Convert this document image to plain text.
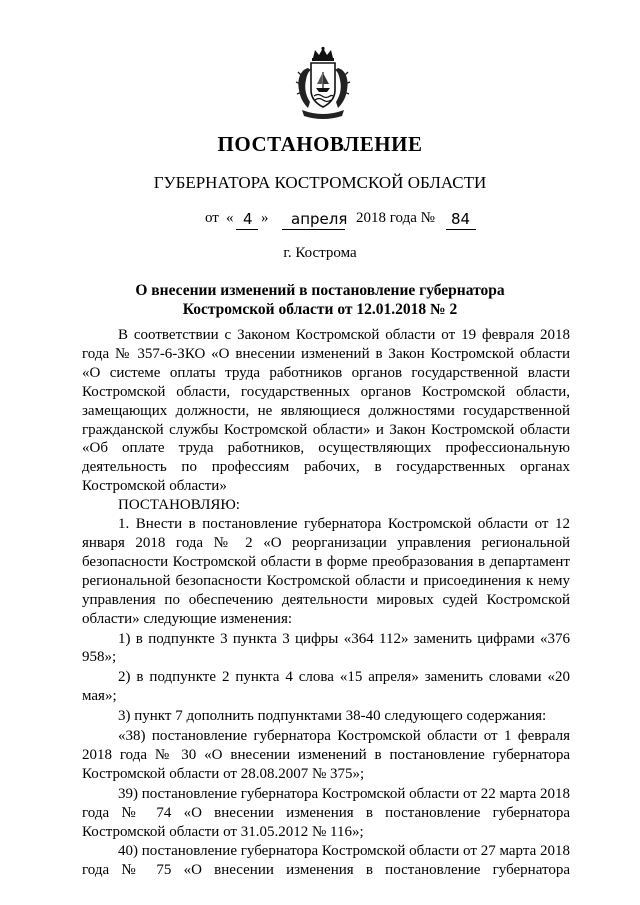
ПОСТАНОВЛЕНИЕ
ГУБЕРНАТОРА КОСТРОМСКОЙ ОБЛАСТИ
от « 4 » апреля 2018 года № 84
г. Кострома
О внесении изменений в постановление губернатора
Костромской области от 12.01.2018 № 2

В соответствии с Законом Костромской области от 19 февраля 2018 года № 357-6-ЗКО «О внесении изменений в Закон Костромской области «О системе оплаты труда работников органов государственной власти Костромской области, государственных органов Костромской области, замещающих должности, не являющиеся должностями государственной гражданской службы Костромской области» и Закон Костромской области «Об оплате труда работников, осуществляющих профессиональную деятельность по профессиям рабочих, в государственных органах Костромской области»

ПОСТАНОВЛЯЮ:

1. Внести в постановление губернатора Костромской области от 12 января 2018 года № 2 «О реорганизации управления региональной безопасности Костромской области в форме преобразования в департамент региональной безопасности Костромской области и присоединения к нему управления по обеспечению деятельности мировых судей Костромской области» следующие изменения:

1) в подпункте 3 пункта 3 цифры «364 112» заменить цифрами «376 958»;

2) в подпункте 2 пункта 4 слова «15 апреля» заменить словами «20 мая»;

3) пункт 7 дополнить подпунктами 38-40 следующего содержания:

«38) постановление губернатора Костромской области от 1 февраля 2018 года № 30 «О внесении изменений в постановление губернатора Костромской области от 28.08.2007 № 375»;

39) постановление губернатора Костромской области от 22 марта 2018 года № 74 «О внесении изменения в постановление губернатора Костромской области от 31.05.2012 № 116»;

40) постановление губернатора Костромской области от 27 марта 2018 года № 75 «О внесении изменения в постановление губернатора
